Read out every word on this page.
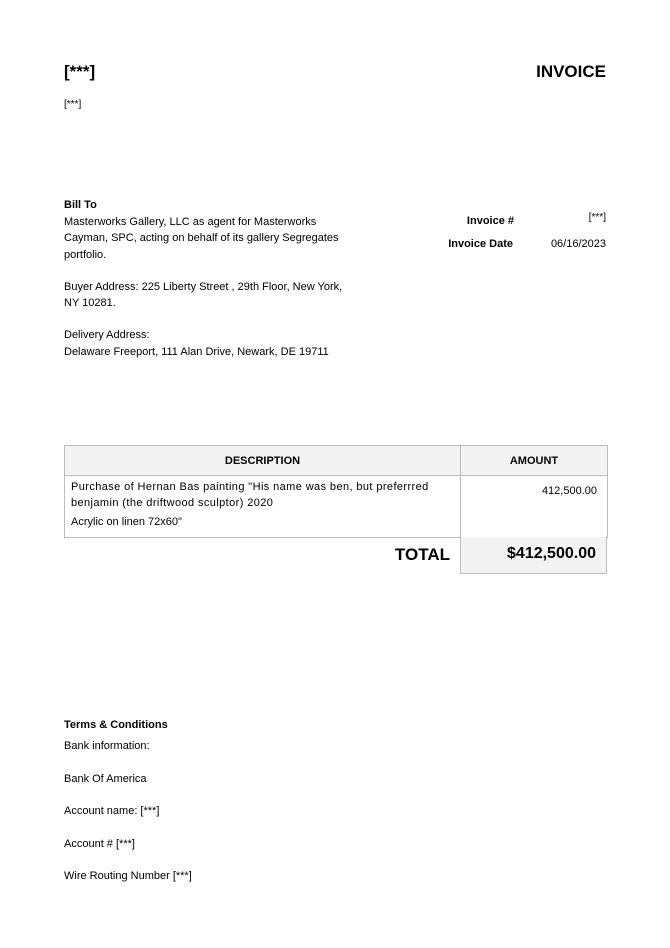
[***]	INVOICE
[***]
Bill To

Masterworks Gallery, LLC as agent for Masterworks Cayman, SPC, acting on behalf of its gallery Segregates portfolio.

Buyer Address: 225 Liberty Street , 29th Floor, New York, NY 10281.

Delivery Address:
Delaware Freeport, 111 Alan Drive, Newark, DE 19711

Invoice #	[***]
Invoice Date	06/16/2023
DESCRIPTION	AMOUNT

Purchase of Hernan Bas painting "His name was ben, but preferrred benjamin (the driftwood sculptor) 2020
Acrylic on linen 72x60"	412,500.00
TOTAL	$412,500.00
Terms & Conditions
Bank information:
Bank Of America
Account name: [***]
Account # [***]
Wire Routing Number [***]
